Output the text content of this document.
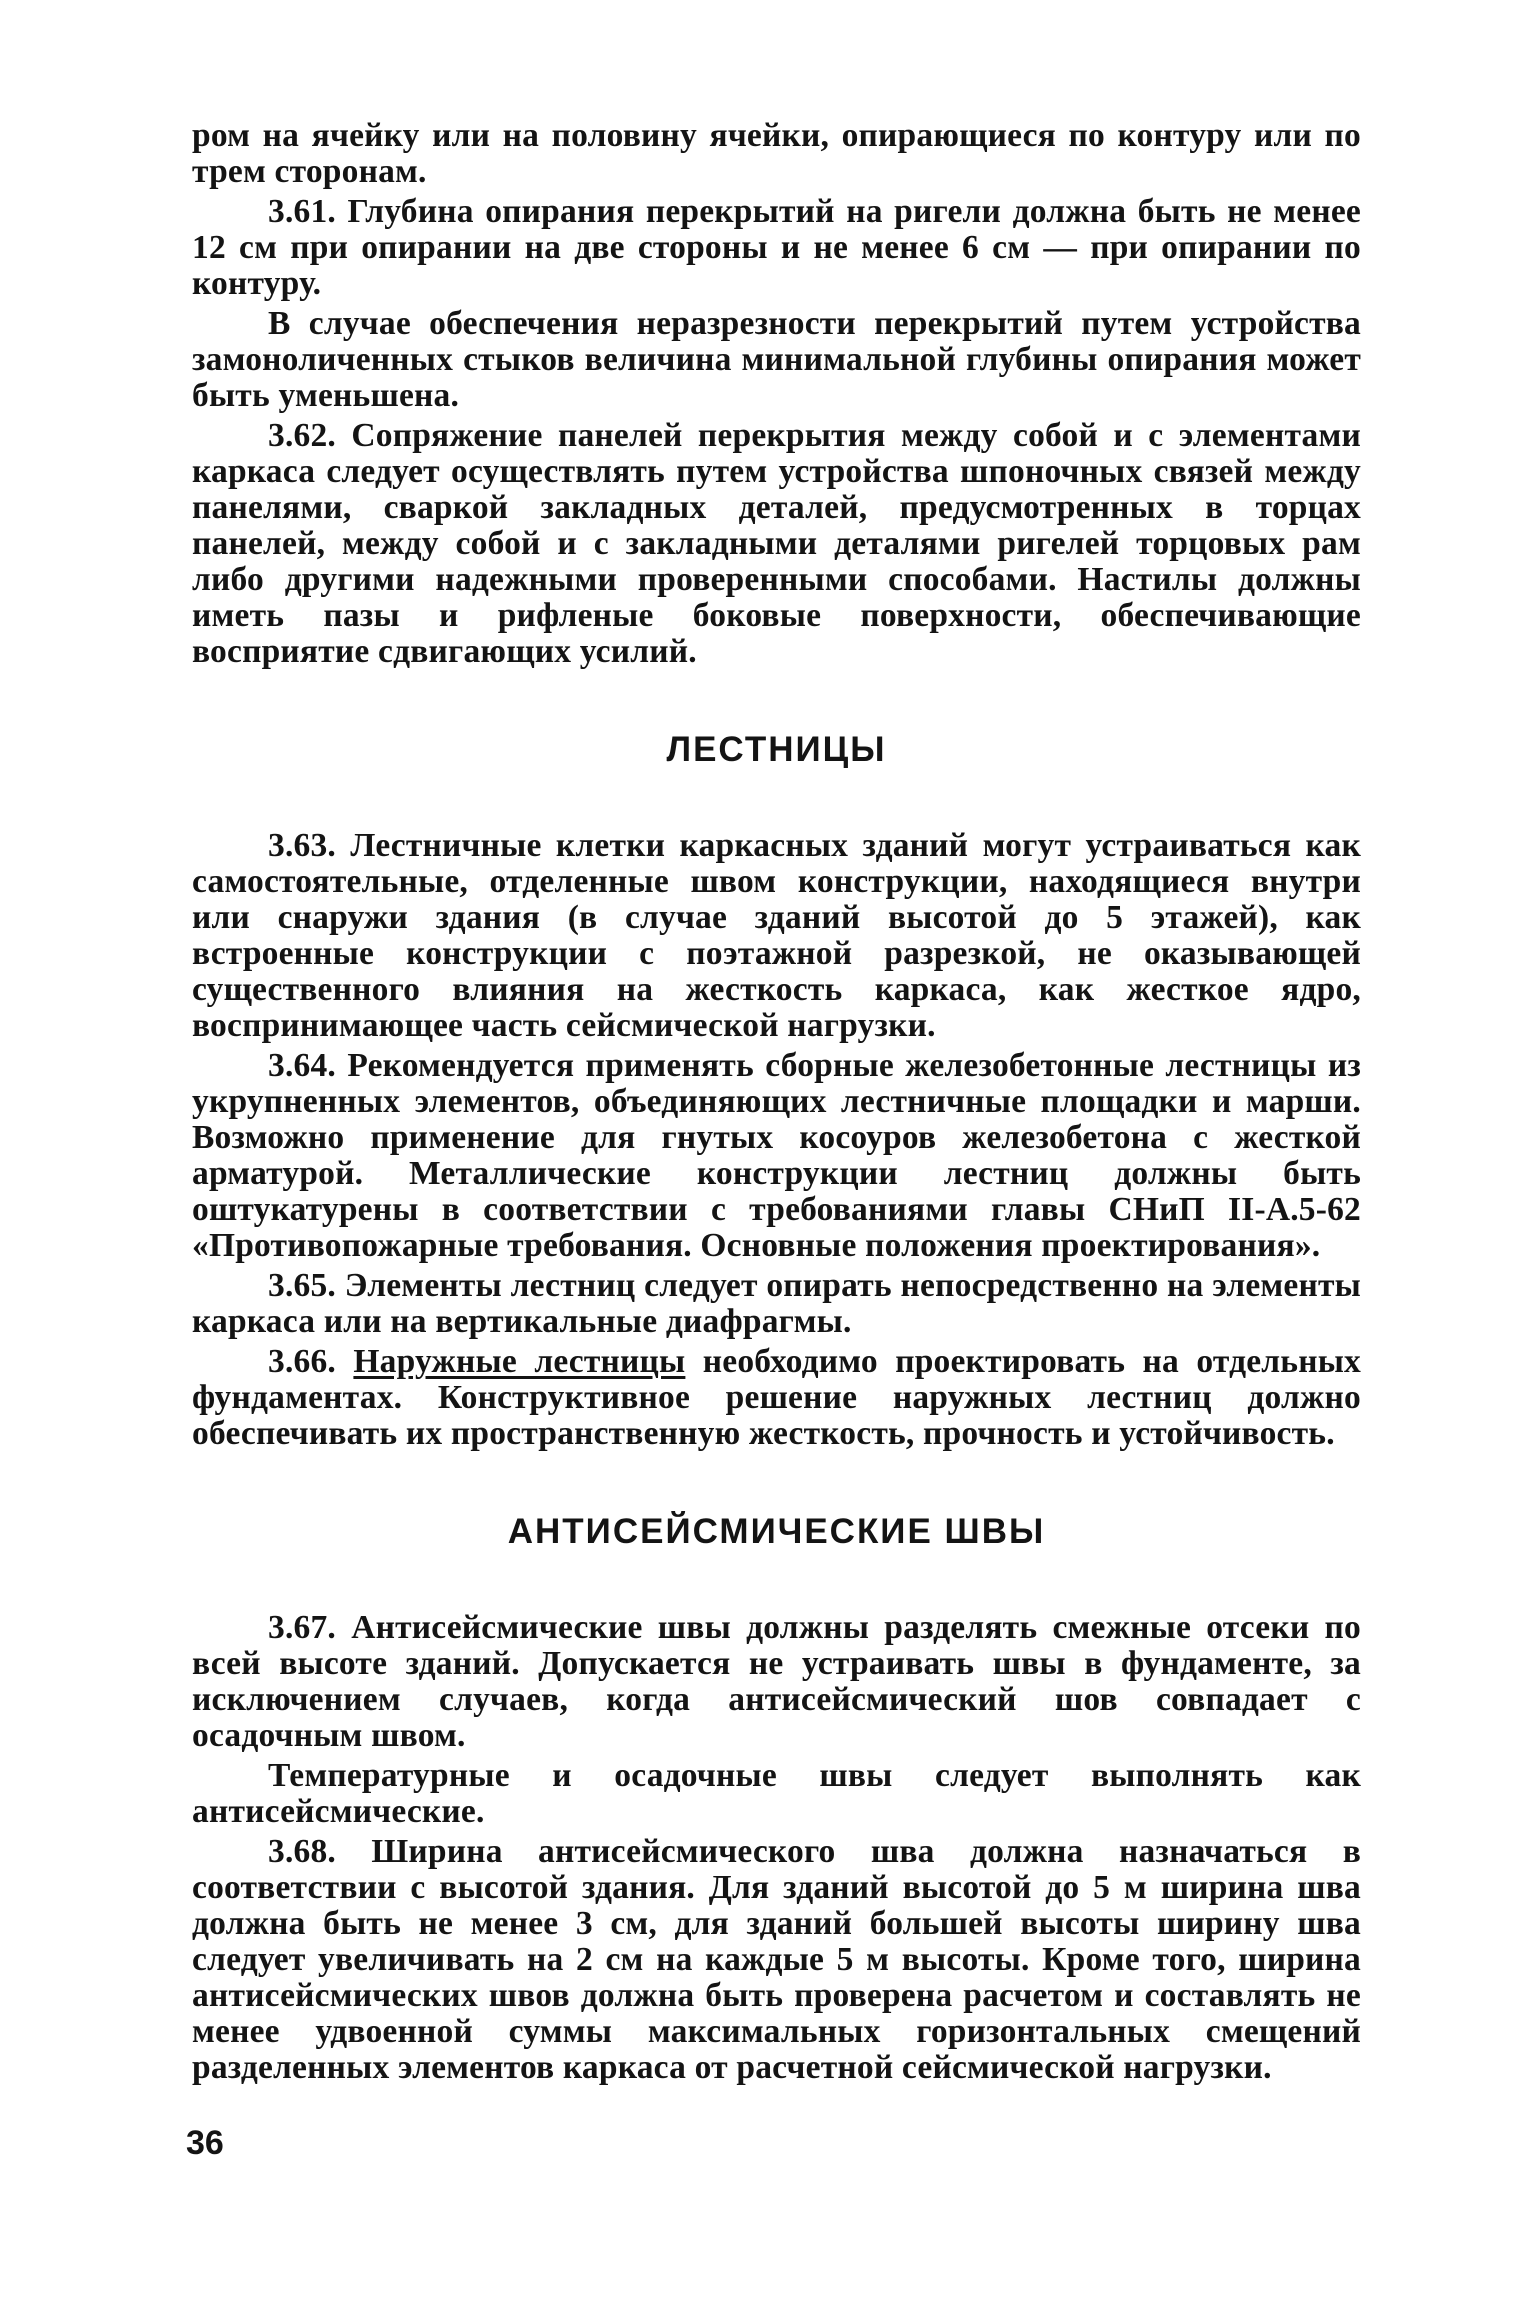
ром на ячейку или на половину ячейки, опирающиеся по контуру или по трем сторонам.

3.61. Глубина опирания перекрытий на ригели должна быть не менее 12 см при опирании на две стороны и не менее 6 см — при опирании по контуру.

В случае обеспечения неразрезности перекрытий путем устройства замоноличенных стыков величина минимальной глубины опирания может быть уменьшена.

3.62. Сопряжение панелей перекрытия между собой и с элементами каркаса следует осуществлять путем устройства шпоночных связей между панелями, сваркой закладных деталей, предусмотренных в торцах панелей, между собой и с закладными деталями ригелей торцовых рам либо другими надежными проверенными способами. Настилы должны иметь пазы и рифленые боковые поверхности, обеспечивающие восприятие сдвигающих усилий.

ЛЕСТНИЦЫ

3.63. Лестничные клетки каркасных зданий могут устраиваться как самостоятельные, отделенные швом конструкции, находящиеся внутри или снаружи здания (в случае зданий высотой до 5 этажей), как встроенные конструкции с поэтажной разрезкой, не оказывающей существенного влияния на жесткость каркаса, как жесткое ядро, воспринимающее часть сейсмической нагрузки.

3.64. Рекомендуется применять сборные железобетонные лестницы из укрупненных элементов, объединяющих лестничные площадки и марши. Возможно применение для гнутых косоуров железобетона с жесткой арматурой. Металлические конструкции лестниц должны быть оштукатурены в соответствии с требованиями главы СНиП II-А.5-62 «Противопожарные требования. Основные положения проектирования».

3.65. Элементы лестниц следует опирать непосредственно на элементы каркаса или на вертикальные диафрагмы.

3.66. Наружные лестницы необходимо проектировать на отдельных фундаментах. Конструктивное решение наружных лестниц должно обеспечивать их пространственную жесткость, прочность и устойчивость.

АНТИСЕЙСМИЧЕСКИЕ ШВЫ

3.67. Антисейсмические швы должны разделять смежные отсеки по всей высоте зданий. Допускается не устраивать швы в фундаменте, за исключением случаев, когда антисейсмический шов совпадает с осадочным швом.

Температурные и осадочные швы следует выполнять как антисейсмические.

3.68. Ширина антисейсмического шва должна назначаться в соответствии с высотой здания. Для зданий высотой до 5 м ширина шва должна быть не менее 3 см, для зданий большей высоты ширину шва следует увеличивать на 2 см на каждые 5 м высоты. Кроме того, ширина антисейсмических швов должна быть проверена расчетом и составлять не менее удвоенной суммы максимальных горизонтальных смещений разделенных элементов каркаса от расчетной сейсмической нагрузки.

36
